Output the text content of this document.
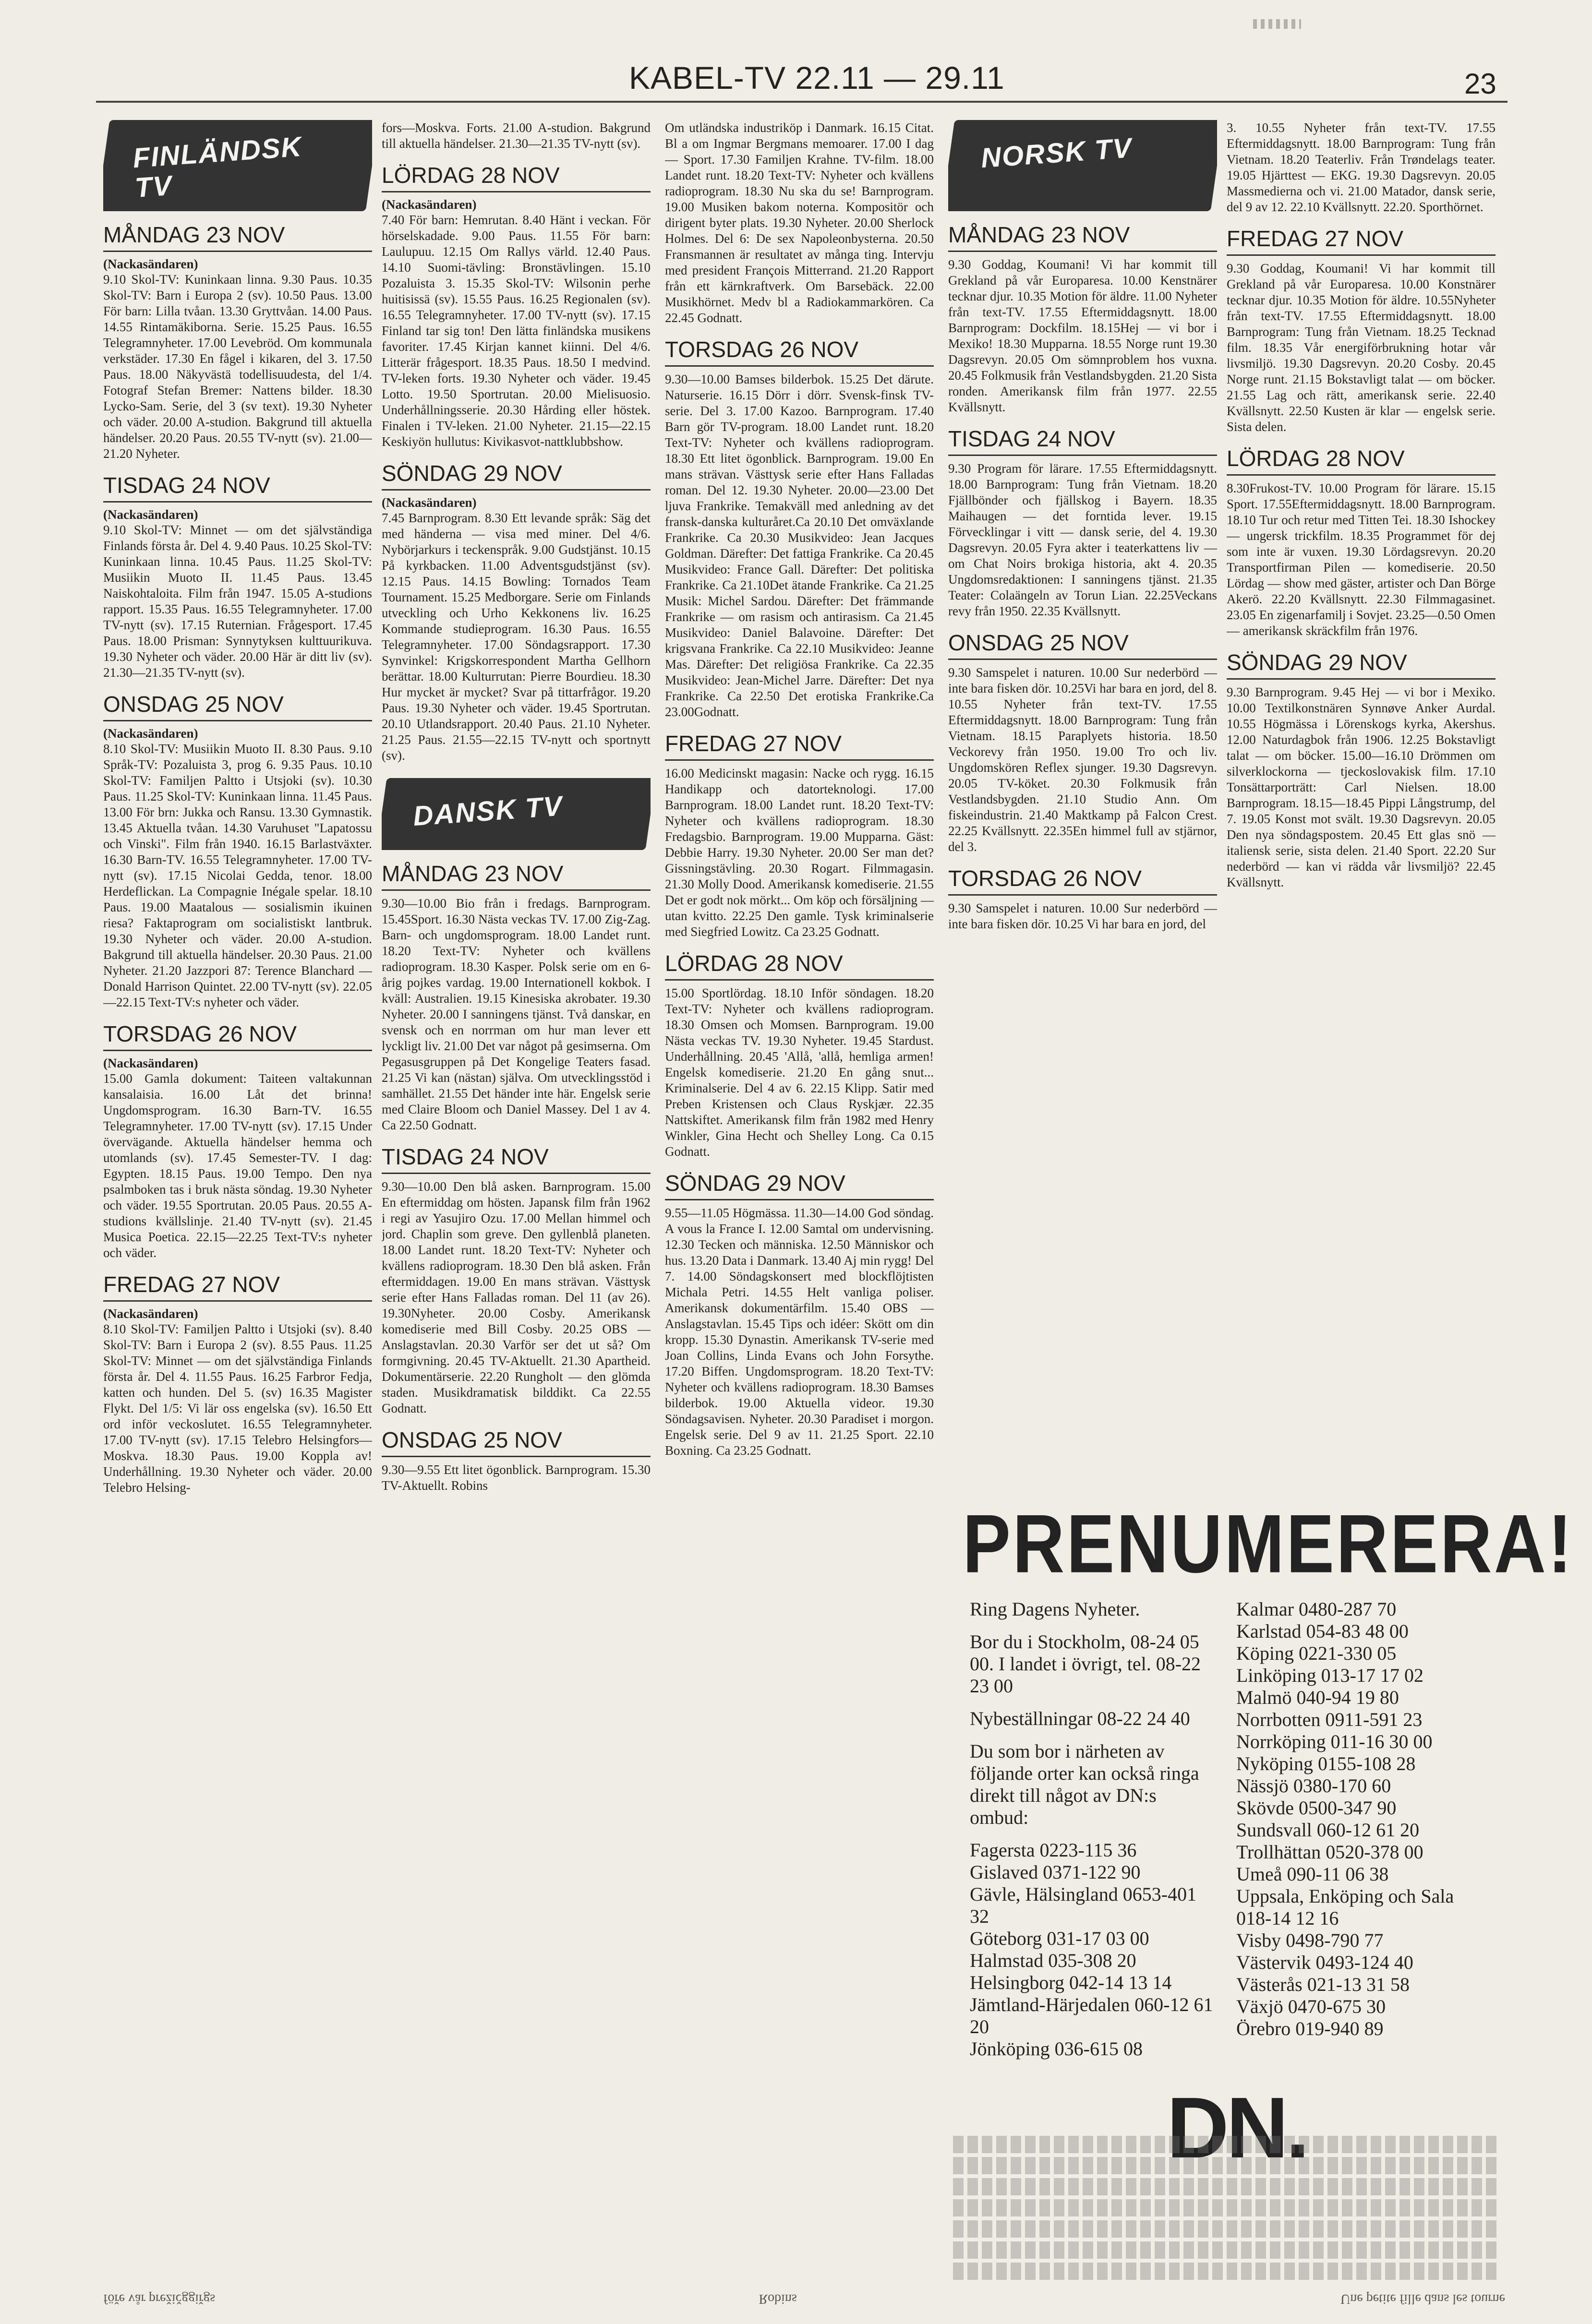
KABEL-TV 22.11 — 29.11	23
FINLÄNDSK
TV
MÅNDAG 23 NOV

(Nackasändaren)

9.10 Skol-TV: Kuninkaan linna. 9.30 Paus. 10.35 Skol-TV: Barn i Europa 2 (sv). 10.50 Paus. 13.00 För barn: Lilla tvåan. 13.30 Gryttvåan. 14.00 Paus. 14.55 Rintamäkiborna. Serie. 15.25 Paus. 16.55 Telegramnyheter. 17.00 Levebröd. Om kommunala verkstäder. 17.30 En fågel i kikaren, del 3. 17.50 Paus. 18.00 Näkyvästä todellisuudesta, del 1/4. Fotograf Stefan Bremer: Nattens bilder. 18.30 Lycko-Sam. Serie, del 3 (sv text). 19.30 Nyheter och väder. 20.00 A-studion. Bakgrund till aktuella händelser. 20.20 Paus. 20.55 TV-nytt (sv). 21.00—21.20 Nyheter.

TISDAG 24 NOV

(Nackasändaren)

9.10 Skol-TV: Minnet — om det självständiga Finlands första år. Del 4. 9.40 Paus. 10.25 Skol-TV: Kuninkaan linna. 10.45 Paus. 11.25 Skol-TV: Musiikin Muoto II. 11.45 Paus. 13.45 Naiskohtaloita. Film från 1947. 15.05 A-studions rapport. 15.35 Paus. 16.55 Telegramnyheter. 17.00 TV-nytt (sv). 17.15 Ruternian. Frågesport. 17.45 Paus. 18.00 Prisman: Synnytyksen kulttuurikuva. 19.30 Nyheter och väder. 20.00 Här är ditt liv (sv). 21.30—21.35 TV-nytt (sv).

ONSDAG 25 NOV

(Nackasändaren)

8.10 Skol-TV: Musiikin Muoto II. 8.30 Paus. 9.10 Språk-TV: Pozaluista 3, prog 6. 9.35 Paus. 10.10 Skol-TV: Familjen Paltto i Utsjoki (sv). 10.30 Paus. 11.25 Skol-TV: Kuninkaan linna. 11.45 Paus. 13.00 För brn: Jukka och Ransu. 13.30 Gymnastik. 13.45 Aktuella tvåan. 14.30 Varuhuset "Lapatossu och Vinski". Film från 1940. 16.15 Barlastväxter. 16.30 Barn-TV. 16.55 Telegramnyheter. 17.00 TV-nytt (sv). 17.15 Nicolai Gedda, tenor. 18.00 Herdeflickan. La Compagnie Inégale spelar. 18.10 Paus. 19.00 Maatalous — sosialismin ikuinen riesa? Faktaprogram om socialistiskt lantbruk. 19.30 Nyheter och väder. 20.00 A-studion. Bakgrund till aktuella händelser. 20.30 Paus. 21.00 Nyheter. 21.20 Jazzpori 87: Terence Blanchard — Donald Harrison Quintet. 22.00 TV-nytt (sv). 22.05—22.15 Text-TV:s nyheter och väder.

TORSDAG 26 NOV

(Nackasändaren)

15.00 Gamla dokument: Taiteen valtakunnan kansalaisia. 16.00 Låt det brinna! Ungdomsprogram. 16.30 Barn-TV. 16.55 Telegramnyheter. 17.00 TV-nytt (sv). 17.15 Under övervägande. Aktuella händelser hemma och utomlands (sv). 17.45 Semester-TV. I dag: Egypten. 18.15 Paus. 19.00 Tempo. Den nya psalmboken tas i bruk nästa söndag. 19.30 Nyheter och väder. 19.55 Sportrutan. 20.05 Paus. 20.55 A-studions kvällslinje. 21.40 TV-nytt (sv). 21.45 Musica Poetica. 22.15—22.25 Text-TV:s nyheter och väder.

FREDAG 27 NOV

(Nackasändaren)

8.10 Skol-TV: Familjen Paltto i Utsjoki (sv). 8.40 Skol-TV: Barn i Europa 2 (sv). 8.55 Paus. 11.25 Skol-TV: Minnet — om det självständiga Finlands första år. Del 4. 11.55 Paus. 16.25 Farbror Fedja, katten och hunden. Del 5. (sv) 16.35 Magister Flykt. Del 1/5: Vi lär oss engelska (sv). 16.50 Ett ord inför veckoslutet. 16.55 Telegramnyheter. 17.00 TV-nytt (sv). 17.15 Telebro Helsingfors—Moskva. 18.30 Paus. 19.00 Koppla av! Underhållning. 19.30 Nyheter och väder. 20.00 Telebro Helsing-

fors—Moskva. Forts. 21.00 A-studion. Bakgrund till aktuella händelser. 21.30—21.35 TV-nytt (sv).

LÖRDAG 28 NOV

(Nackasändaren)

7.40 För barn: Hemrutan. 8.40 Hänt i veckan. För hörselskadade. 9.00 Paus. 11.55 För barn: Laulupuu. 12.15 Om Rallys värld. 12.40 Paus. 14.10 Suomi-tävling: Bronstävlingen. 15.10 Pozaluista 3. 15.35 Skol-TV: Wilsonin perhe huitisissä (sv). 15.55 Paus. 16.25 Regionalen (sv). 16.55 Telegramnyheter. 17.00 TV-nytt (sv). 17.15 Finland tar sig ton! Den lätta finländska musikens favoriter. 17.45 Kirjan kannet kiinni. Del 4/6. Litterär frågesport. 18.35 Paus. 18.50 I medvind. TV-leken forts. 19.30 Nyheter och väder. 19.45 Lotto. 19.50 Sportrutan. 20.00 Mielisuosio. Underhållningsserie. 20.30 Hårding eller höstek. Finalen i TV-leken. 21.00 Nyheter. 21.15—22.15 Keskiyön hullutus: Kivikasvot-nattklubbshow.

SÖNDAG 29 NOV

(Nackasändaren)

7.45 Barnprogram. 8.30 Ett levande språk: Säg det med händerna — visa med miner. Del 4/6. Nybörjarkurs i teckenspråk. 9.00 Gudstjänst. 10.15 På kyrkbacken. 11.00 Adventsgudstjänst (sv). 12.15 Paus. 14.15 Bowling: Tornados Team Tournament. 15.25 Medborgare. Serie om Finlands utveckling och Urho Kekkonens liv. 16.25 Kommande studieprogram. 16.30 Paus. 16.55 Telegramnyheter. 17.00 Söndagsrapport. 17.30 Synvinkel: Krigskorrespondent Martha Gellhorn berättar. 18.00 Kulturrutan: Pierre Bourdieu. 18.30 Hur mycket är mycket? Svar på tittarfrågor. 19.20 Paus. 19.30 Nyheter och väder. 19.45 Sportrutan. 20.10 Utlandsrapport. 20.40 Paus. 21.10 Nyheter. 21.25 Paus. 21.55—22.15 TV-nytt och sportnytt (sv).

DANSK TV
MÅNDAG 23 NOV

9.30—10.00 Bio från i fredags. Barnprogram. 15.45Sport. 16.30 Nästa veckas TV. 17.00 Zig-Zag. Barn- och ungdomsprogram. 18.00 Landet runt. 18.20 Text-TV: Nyheter och kvällens radioprogram. 18.30 Kasper. Polsk serie om en 6-årig pojkes vardag. 19.00 Internationell kokbok. I kväll: Australien. 19.15 Kinesiska akrobater. 19.30 Nyheter. 20.00 I sanningens tjänst. Två danskar, en svensk och en norrman om hur man lever ett lyckligt liv. 21.00 Det var något på gesimserna. Om Pegasusgruppen på Det Kongelige Teaters fasad. 21.25 Vi kan (nästan) själva. Om utvecklingsstöd i samhället. 21.55 Det händer inte här. Engelsk serie med Claire Bloom och Daniel Massey. Del 1 av 4. Ca 22.50 Godnatt.

TISDAG 24 NOV

9.30—10.00 Den blå asken. Barnprogram. 15.00 En eftermiddag om hösten. Japansk film från 1962 i regi av Yasujiro Ozu. 17.00 Mellan himmel och jord. Chaplin som greve. Den gyllenblå planeten. 18.00 Landet runt. 18.20 Text-TV: Nyheter och kvällens radioprogram. 18.30 Den blå asken. Från eftermiddagen. 19.00 En mans strävan. Västtysk serie efter Hans Falladas roman. Del 11 (av 26). 19.30Nyheter. 20.00 Cosby. Amerikansk komediserie med Bill Cosby. 20.25 OBS — Anslagstavlan. 20.30 Varför ser det ut så? Om formgivning. 20.45 TV-Aktuellt. 21.30 Apartheid. Dokumentärserie. 22.20 Rungholt — den glömda staden. Musikdramatisk bilddikt. Ca 22.55 Godnatt.

ONSDAG 25 NOV

9.30—9.55 Ett litet ögonblick. Barnprogram. 15.30 TV-Aktuellt. Robins

Om utländska industriköp i Danmark. 16.15 Citat. Bl a om Ingmar Bergmans memoarer. 17.00 I dag — Sport. 17.30 Familjen Krahne. TV-film. 18.00 Landet runt. 18.20 Text-TV: Nyheter och kvällens radioprogram. 18.30 Nu ska du se! Barnprogram. 19.00 Musiken bakom noterna. Kompositör och dirigent byter plats. 19.30 Nyheter. 20.00 Sherlock Holmes. Del 6: De sex Napoleonbysterna. 20.50 Fransmannen är resultatet av många ting. Intervju med president François Mitterrand. 21.20 Rapport från ett kärnkraftverk. Om Barsebäck. 22.00 Musikhörnet. Medv bl a Radiokammarkören. Ca 22.45 Godnatt.

TORSDAG 26 NOV

9.30—10.00 Bamses bilderbok. 15.25 Det därute. Naturserie. 16.15 Dörr i dörr. Svensk-finsk TV-serie. Del 3. 17.00 Kazoo. Barnprogram. 17.40 Barn gör TV-program. 18.00 Landet runt. 18.20 Text-TV: Nyheter och kvällens radioprogram. 18.30 Ett litet ögonblick. Barnprogram. 19.00 En mans strävan. Västtysk serie efter Hans Falladas roman. Del 12. 19.30 Nyheter. 20.00—23.00 Det ljuva Frankrike. Temakväll med anledning av det fransk-danska kulturåret.Ca 20.10 Det omväxlande Frankrike. Ca 20.30 Musikvideo: Jean Jacques Goldman. Därefter: Det fattiga Frankrike. Ca 20.45 Musikvideo: France Gall. Därefter: Det politiska Frankrike. Ca 21.10Det ätande Frankrike. Ca 21.25 Musik: Michel Sardou. Därefter: Det främmande Frankrike — om rasism och antirasism. Ca 21.45 Musikvideo: Daniel Balavoine. Därefter: Det krigsvana Frankrike. Ca 22.10 Musikvideo: Jeanne Mas. Därefter: Det religiösa Frankrike. Ca 22.35 Musikvideo: Jean-Michel Jarre. Därefter: Det nya Frankrike. Ca 22.50 Det erotiska Frankrike.Ca 23.00Godnatt.

FREDAG 27 NOV

16.00 Medicinskt magasin: Nacke och rygg. 16.15 Handikapp och datorteknologi. 17.00 Barnprogram. 18.00 Landet runt. 18.20 Text-TV: Nyheter och kvällens radioprogram. 18.30 Fredagsbio. Barnprogram. 19.00 Mupparna. Gäst: Debbie Harry. 19.30 Nyheter. 20.00 Ser man det? Gissningstävling. 20.30 Rogart. Filmmagasin. 21.30 Molly Dood. Amerikansk komediserie. 21.55 Det er godt nok mörkt... Om köp och försäljning — utan kvitto. 22.25 Den gamle. Tysk kriminalserie med Siegfried Lowitz. Ca 23.25 Godnatt.

LÖRDAG 28 NOV

15.00 Sportlördag. 18.10 Inför söndagen. 18.20 Text-TV: Nyheter och kvällens radioprogram. 18.30 Omsen och Momsen. Barnprogram. 19.00 Nästa veckas TV. 19.30 Nyheter. 19.45 Stardust. Underhållning. 20.45 'Allå, 'allå, hemliga armen! Engelsk komediserie. 21.20 En gång snut... Kriminalserie. Del 4 av 6. 22.15 Klipp. Satir med Preben Kristensen och Claus Ryskjær. 22.35 Nattskiftet. Amerikansk film från 1982 med Henry Winkler, Gina Hecht och Shelley Long. Ca 0.15 Godnatt.

SÖNDAG 29 NOV

9.55—11.05 Högmässa. 11.30—14.00 God söndag. A vous la France I. 12.00 Samtal om undervisning. 12.30 Tecken och människa. 12.50 Människor och hus. 13.20 Data i Danmark. 13.40 Aj min rygg! Del 7. 14.00 Söndagskonsert med blockflöjtisten Michala Petri. 14.55 Helt vanliga poliser. Amerikansk dokumentärfilm. 15.40 OBS — Anslagstavlan. 15.45 Tips och idéer: Skött om din kropp. 15.30 Dynastin. Amerikansk TV-serie med Joan Collins, Linda Evans och John Forsythe. 17.20 Biffen. Ungdomsprogram. 18.20 Text-TV: Nyheter och kvällens radioprogram. 18.30 Bamses bilderbok. 19.00 Aktuella videor. 19.30 Söndagsavisen. Nyheter. 20.30 Paradiset i morgon. Engelsk serie. Del 9 av 11. 21.25 Sport. 22.10 Boxning. Ca 23.25 Godnatt.

NORSK TV
MÅNDAG 23 NOV

9.30 Goddag, Koumani! Vi har kommit till Grekland på vår Europaresa. 10.00 Kenstnärer tecknar djur. 10.35 Motion för äldre. 11.00 Nyheter från text-TV. 17.55 Eftermiddagsnytt. 18.00 Barnprogram: Dockfilm. 18.15Hej — vi bor i Mexiko! 18.30 Mupparna. 18.55 Norge runt 19.30 Dagsrevyn. 20.05 Om sömnproblem hos vuxna. 20.45 Folkmusik från Vestlandsbygden. 21.20 Sista ronden. Amerikansk film från 1977. 22.55 Kvällsnytt.

TISDAG 24 NOV

9.30 Program för lärare. 17.55 Eftermiddagsnytt. 18.00 Barnprogram: Tung från Vietnam. 18.20 Fjällbönder och fjällskog i Bayern. 18.35 Maihaugen — det forntida lever. 19.15 Förvecklingar i vitt — dansk serie, del 4. 19.30 Dagsrevyn. 20.05 Fyra akter i teaterkattens liv — om Chat Noirs brokiga historia, akt 4. 20.35 Ungdomsredaktionen: I sanningens tjänst. 21.35 Teater: Colaängeln av Torun Lian. 22.25Veckans revy från 1950. 22.35 Kvällsnytt.

ONSDAG 25 NOV

9.30 Samspelet i naturen. 10.00 Sur nederbörd — inte bara fisken dör. 10.25Vi har bara en jord, del 8. 10.55 Nyheter från text-TV. 17.55 Eftermiddagsnytt. 18.00 Barnprogram: Tung från Vietnam. 18.15 Paraplyets historia. 18.50 Veckorevy från 1950. 19.00 Tro och liv. Ungdomskören Reflex sjunger. 19.30 Dagsrevyn. 20.05 TV-köket. 20.30 Folkmusik från Vestlandsbygden. 21.10 Studio Ann. Om fiskeindustrin. 21.40 Maktkamp på Falcon Crest. 22.25 Kvällsnytt. 22.35En himmel full av stjärnor, del 3.

TORSDAG 26 NOV

9.30 Samspelet i naturen. 10.00 Sur nederbörd — inte bara fisken dör. 10.25 Vi har bara en jord, del

3. 10.55 Nyheter från text-TV. 17.55 Eftermiddagsnytt. 18.00 Barnprogram: Tung från Vietnam. 18.20 Teaterliv. Från Trøndelags teater. 19.05 Hjärttest — EKG. 19.30 Dagsrevyn. 20.05 Massmedierna och vi. 21.00 Matador, dansk serie, del 9 av 12. 22.10 Kvällsnytt. 22.20. Sporthörnet.

FREDAG 27 NOV

9.30 Goddag, Koumani! Vi har kommit till Grekland på vår Europaresa. 10.00 Konstnärer tecknar djur. 10.35 Motion för äldre. 10.55Nyheter från text-TV. 17.55 Eftermiddagsnytt. 18.00 Barnprogram: Tung från Vietnam. 18.25 Tecknad film. 18.35 Vår energiförbrukning hotar vår livsmiljö. 19.30 Dagsrevyn. 20.20 Cosby. 20.45 Norge runt. 21.15 Bokstavligt talat — om böcker. 21.55 Lag och rätt, amerikansk serie. 22.40 Kvällsnytt. 22.50 Kusten är klar — engelsk serie. Sista delen.

LÖRDAG 28 NOV

8.30Frukost-TV. 10.00 Program för lärare. 15.15 Sport. 17.55Eftermiddagsnytt. 18.00 Barnprogram. 18.10 Tur och retur med Titten Tei. 18.30 Ishockey — ungersk trickfilm. 18.35 Programmet för dej som inte är vuxen. 19.30 Lördagsrevyn. 20.20 Transportfirman Pilen — komediserie. 20.50 Lördag — show med gäster, artister och Dan Börge Akerö. 22.20 Kvällsnytt. 22.30 Filmmagasinet. 23.05 En zigenarfamilj i Sovjet. 23.25—0.50 Omen — amerikansk skräckfilm från 1976.

SÖNDAG 29 NOV

9.30 Barnprogram. 9.45 Hej — vi bor i Mexiko. 10.00 Textilkonstnären Synnøve Anker Aurdal. 10.55 Högmässa i Lörenskogs kyrka, Akershus. 12.00 Naturdagbok från 1906. 12.25 Bokstavligt talat — om böcker. 15.00—16.10 Drömmen om silverklockorna — tjeckoslovakisk film. 17.10 Tonsättarporträtt: Carl Nielsen. 18.00 Barnprogram. 18.15—18.45 Pippi Långstrump, del 7. 19.05 Konst mot svält. 19.30 Dagsrevyn. 20.05 Den nya söndagspostem. 20.45 Ett glas snö — italiensk serie, sista delen. 21.40 Sport. 22.20 Sur nederbörd — kan vi rädda vår livsmiljö? 22.45 Kvällsnytt.

PRENUMERERA!

Ring Dagens Nyheter.

Bor du i Stockholm, 08-24 05 00. I landet i övrigt, tel. 08-22 23 00

Nybeställningar 08-22 24 40

Du som bor i närheten av följande orter kan också ringa direkt till något av DN:s ombud:

Fagersta 0223-115 36
Gislaved 0371-122 90
Gävle, Hälsingland 0653-401 32
Göteborg 031-17 03 00
Halmstad 035-308 20
Helsingborg 042-14 13 14
Jämtland-Härjedalen 060-12 61 20
Jönköping 036-615 08
Kalmar 0480-287 70
Karlstad 054-83 48 00
Köping 0221-330 05
Linköping 013-17 17 02
Malmö 040-94 19 80
Norrbotten 0911-591 23
Norrköping 011-16 30 00
Nyköping 0155-108 28
Nässjö 0380-170 60
Skövde 0500-347 90
Sundsvall 060-12 61 20
Trollhättan 0520-378 00
Umeå 090-11 06 38
Uppsala, Enköping och Sala 018-14 12 16
Visby 0498-790 77
Västervik 0493-124 40
Västerås 021-13 31 58
Växjö 0470-675 30
Örebro 019-940 89
DN.
föře vår prežičggiřgs	Robins	Une petite fille dans les tourne
